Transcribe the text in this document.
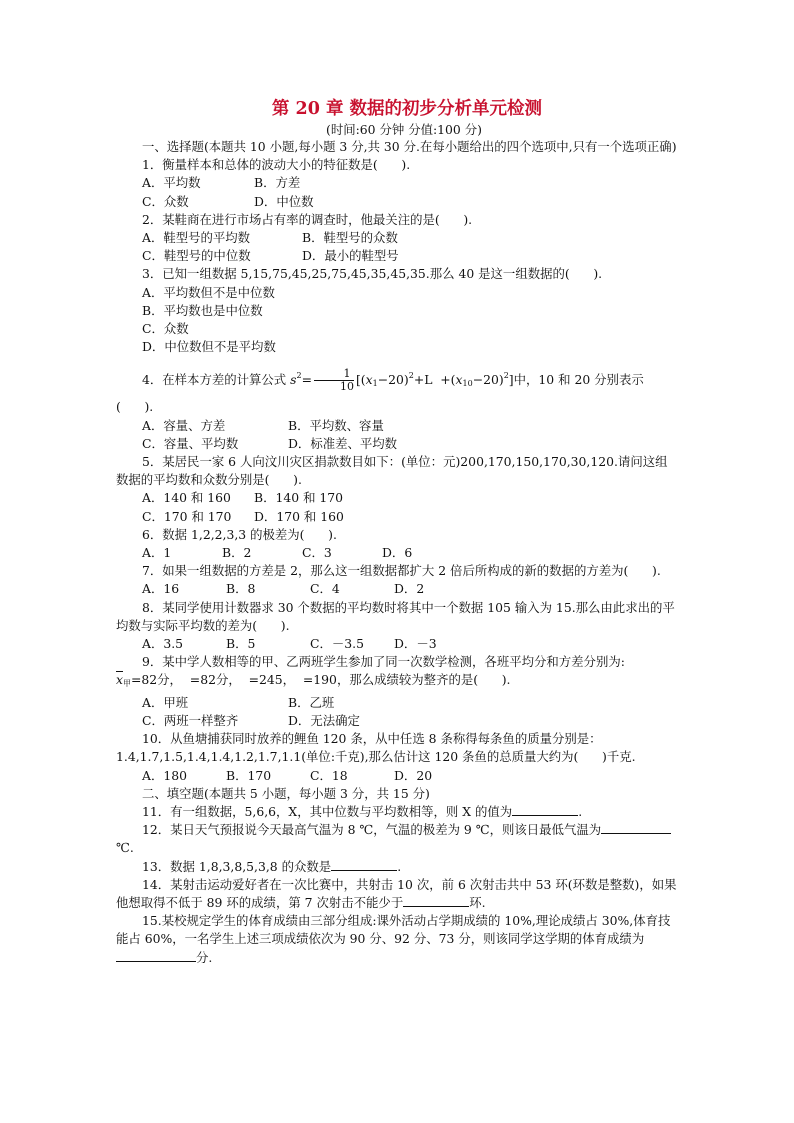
第 20 章 数据的初步分析单元检测
(时间:60 分钟 分值:100 分)
一、选择题(本题共 10 小题,每小题 3 分,共 30 分.在每小题给出的四个选项中,只有一个选项正确)
1．衡量样本和总体的波动大小的特征数是(      ).
A．平均数	B．方差
C．众数	D．中位数
2．某鞋商在进行市场占有率的调查时，他最关注的是(      ).
A．鞋型号的平均数	B．鞋型号的众数
C．鞋型号的中位数	D．最小的鞋型号
3．已知一组数据 5,15,75,45,25,75,45,35,45,35.那么 40 是这一组数据的(      ).
A．平均数但不是中位数
B．平均数也是中位数
C．众数
D．中位数但不是平均数
4．在样本方差的计算公式 $s^2= \frac{1}{10} [(x_1-20)^2+L +(x_{10}-20)^2]$中，10 和 20 分别表示
(      ).
A．容量、方差	B．平均数、容量
C．容量、平均数	D．标准差、平均数
5．某居民一家 6 人向汶川灾区捐款数目如下：(单位：元)200,170,150,170,30,120.请问这组数据的平均数和众数分别是(      ).
A．140 和 160	B．140 和 170
C．170 和 170	D．170 和 160
6．数据 1,2,2,3,3 的极差为(      ).
A．1	B．2	C．3	D．6
7．如果一组数据的方差是 2，那么这一组数据都扩大 2 倍后所构成的新的数据的方差为(      ).
A．16	B．8	C．4	D．2
8．某同学使用计数器求 30 个数据的平均数时将其中一个数据 105 输入为 15.那么由此求出的平均数与实际平均数的差为(      ).
A．3.5	B．5	C．－3.5	D．－3
9．某中学人数相等的甲、乙两班学生参加了同一次数学检测，各班平均分和方差分别为:
$\overline{x}_甲=82$分，  =82分，  =245，  =190，那么成绩较为整齐的是(      ).
A．甲班	B．乙班
C．两班一样整齐	D．无法确定
10．从鱼塘捕获同时放养的鲤鱼 120 条，从中任选 8 条称得每条鱼的质量分别是：1.4,1.7,1.5,1.4,1.4,1.2,1.7,1.1(单位:千克),那么估计这 120 条鱼的总质量大约为(      )千克.
A．180	B．170	C．18	D．20
二、填空题(本题共 5 小题，每小题 3 分，共 15 分)
11．有一组数据，5,6,6，X，其中位数与平均数相等，则 X 的值为	.
12．某日天气预报说今天最高气温为 8 ℃，气温的极差为 9 ℃，则该日最低气温为℃.
13．数据 1,8,3,8,5,3,8 的众数是	.
14．某射击运动爱好者在一次比赛中，共射击 10 次，前 6 次射击共中 53 环(环数是整数)，如果他想取得不低于 89 环的成绩，第 7 次射击不能少于	环.
15.某校规定学生的体育成绩由三部分组成:课外活动占学期成绩的 10%,理论成绩占 30%,体育技能占 60%，一名学生上述三项成绩依次为 90 分、92 分、73 分，则该同学这学期的体育成绩为分.
